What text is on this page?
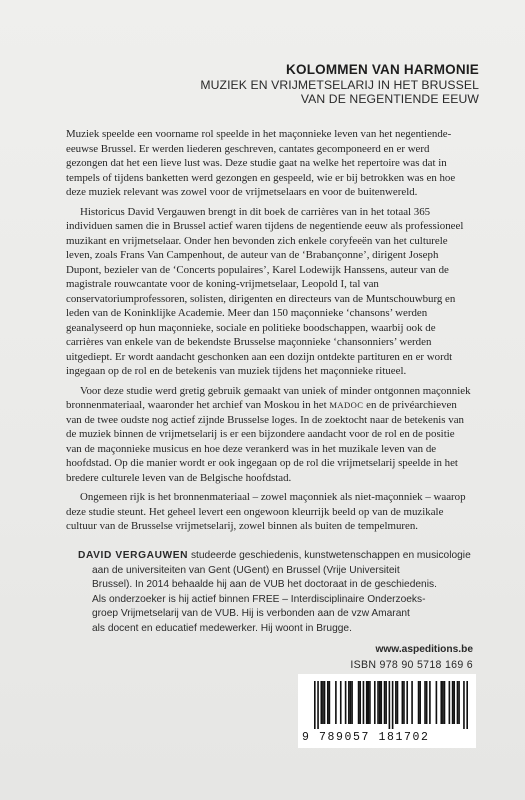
KOLOMMEN VAN HARMONIE
MUZIEK EN VRIJMETSELARIJ IN HET BRUSSEL
VAN DE NEGENTIENDE EEUW

Muziek speelde een voorname rol speelde in het maçonnieke leven van het negentiende-eeuwse Brussel. Er werden liederen geschreven, cantates gecomponeerd en er werd gezongen dat het een lieve lust was. Deze studie gaat na welke het repertoire was dat in tempels of tijdens banketten werd gezongen en gespeeld, wie er bij betrokken was en hoe deze muziek relevant was zowel voor de vrijmetselaars en voor de buitenwereld.

Historicus David Vergauwen brengt in dit boek de carrières van in het totaal 365 individuen samen die in Brussel actief waren tijdens de negentiende eeuw als professioneel muzikant en vrijmetselaar. Onder hen bevonden zich enkele coryfeeën van het culturele leven, zoals Frans Van Campenhout, de auteur van de ‘Brabançonne’, dirigent Joseph Dupont, bezieler van de ‘Concerts populaires’, Karel Lodewijk Hanssens, auteur van de magistrale rouwcantate voor de koning-vrijmetselaar, Leopold I, tal van conservatoriumprofessoren, solisten, dirigenten en directeurs van de Muntschouwburg en leden van de Koninklijke Academie. Meer dan 150 maçonnieke ‘chansons’ werden geanalyseerd op hun maçonnieke, sociale en politieke boodschappen, waarbij ook de carrières van enkele van de bekendste Brusselse maçonnieke ‘chansonniers’ werden uitgediept. Er wordt aandacht geschonken aan een dozijn ontdekte partituren en er wordt ingegaan op de rol en de betekenis van muziek tijdens het maçonnieke ritueel.

Voor deze studie werd gretig gebruik gemaakt van uniek of minder ontgonnen maçonniek bronnenmateriaal, waaronder het archief van Moskou in het MADOC en de privéarchieven van de twee oudste nog actief zijnde Brusselse loges. In de zoektocht naar de betekenis van de muziek binnen de vrijmetselarij is er een bijzondere aandacht voor de rol en de positie van de maçonnieke musicus en hoe deze verankerd was in het muzikale leven van de hoofdstad. Op die manier wordt er ook ingegaan op de rol die vrijmetselarij speelde in het bredere culturele leven van de Belgische hoofdstad.

Ongemeen rijk is het bronnenmateriaal – zowel maçonniek als niet-maçonniek – waarop deze studie steunt. Het geheel levert een ongewoon kleurrijk beeld op van de muzikale cultuur van de Brusselse vrijmetselarij, zowel binnen als buiten de tempelmuren.

DAVID VERGAUWEN studeerde geschiedenis, kunstwetenschappen en musicologie
aan de universiteiten van Gent (UGent) en Brussel (Vrije Universiteit
Brussel). In 2014 behaalde hij aan de VUB het doctoraat in de geschiedenis.
Als onderzoeker is hij actief binnen FREE – Interdisciplinaire Onderzoeks-
groep Vrijmetselarij van de VUB. Hij is verbonden aan de vzw Amarant
als docent en educatief medewerker. Hij woont in Brugge.
www.aspeditions.be
ISBN 978 90 5718 169 6
9 789057 181702
